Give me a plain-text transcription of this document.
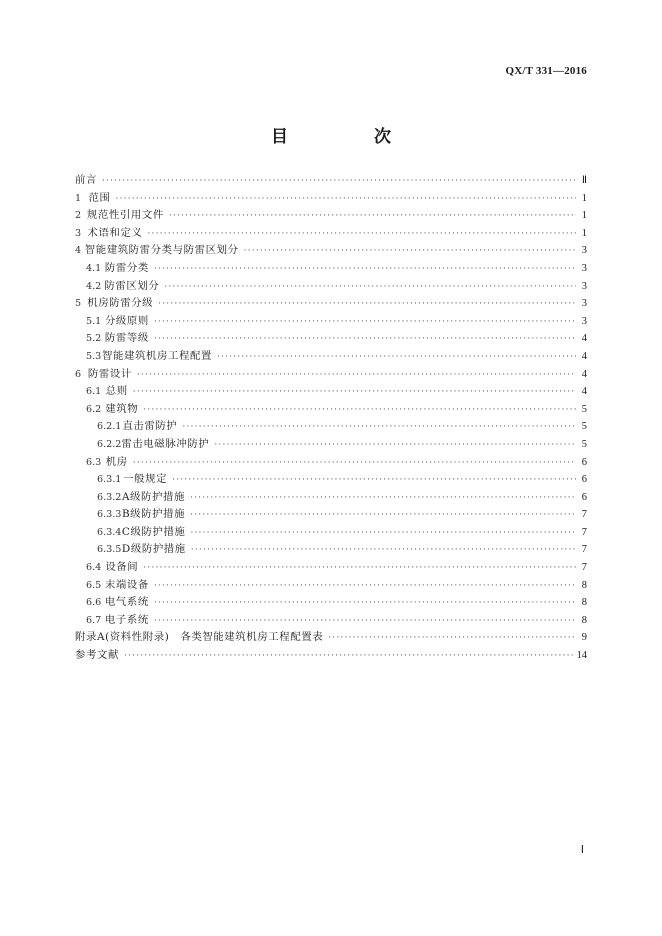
QX/T 331—2016
目 次
前言 ·····	Ⅱ
1 范围 ·····	1
2 规范性引用文件 ·····	1
3 术语和定义 ·····	1
4 智能建筑防雷分类与防雷区划分 ·····	3
4.1 防雷分类 ·····	3
4.2 防雷区划分 ·····	3
5 机房防雷分级 ·····	3
5.1 分级原则 ·····	3
5.2 防雷等级 ·····	4
5.3 智能建筑机房工程配置 ·····	4
6 防雷设计 ·····	4
6.1 总则 ·····	4
6.2 建筑物 ·····	5
6.2.1 直击雷防护 ·····	5
6.2.2 雷击电磁脉冲防护 ·····	5
6.3 机房 ·····	6
6.3.1 一般规定 ·····	6
6.3.2 A级防护措施 ·····	6
6.3.3 B级防护措施 ·····	7
6.3.4 C级防护措施 ·····	7
6.3.5 D级防护措施 ·····	7
6.4 设备间 ·····	7
6.5 末端设备 ·····	8
6.6 电气系统 ·····	8
6.7 电子系统 ·····	8
附录A(资料性附录)　各类智能建筑机房工程配置表 ·····	9
参考文献 ·····	14
Ⅰ
